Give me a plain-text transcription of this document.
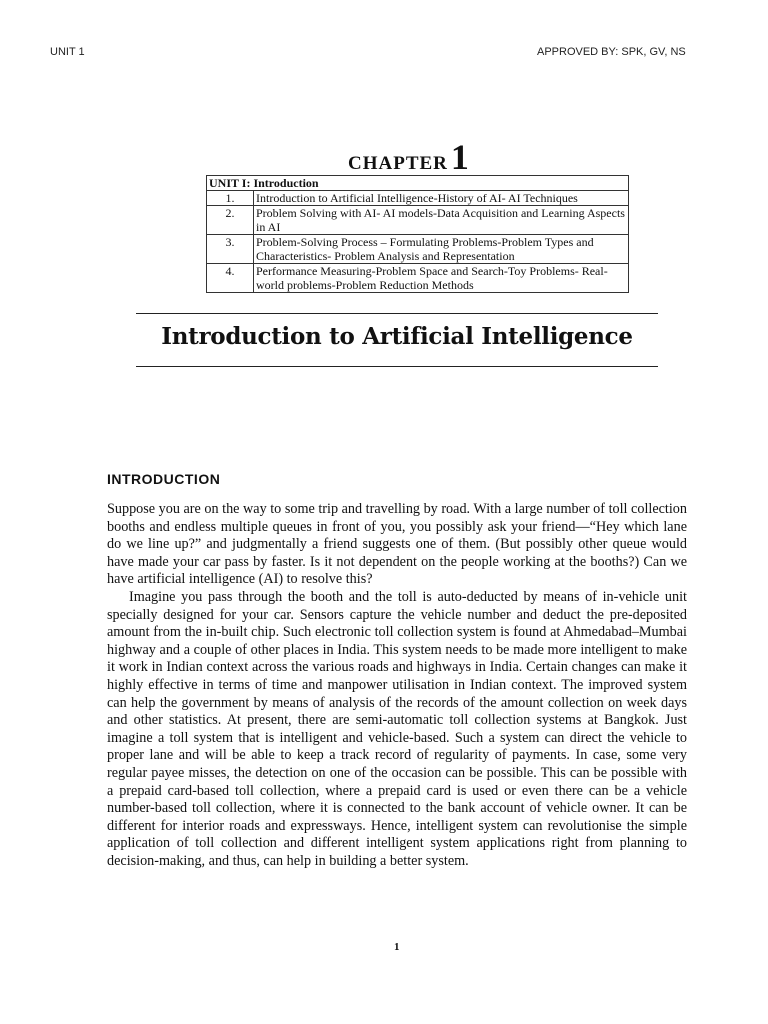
UNIT 1	APPROVED BY: SPK, GV, NS
CHAPTER1
UNIT I: Introduction	
1.	Introduction to Artificial Intelligence-History of AI- AI Techniques
2.	Problem Solving with AI- AI models-Data Acquisition and Learning Aspects in AI
3.	Problem-Solving Process – Formulating Problems-Problem Types and Characteristics- Problem Analysis and Representation
4.	Performance Measuring-Problem Space and Search-Toy Problems- Real-world problems-Problem Reduction Methods
Introduction to Artificial Intelligence
INTRODUCTION

Suppose you are on the way to some trip and travelling by road. With a large number of toll collection booths and endless multiple queues in front of you, you possibly ask your friend—“Hey which lane do we line up?” and judgmentally a friend suggests one of them. (But possibly other queue would have made your car pass by faster. Is it not dependent on the people working at the booths?) Can we have artificial intelligence (AI) to resolve this?

Imagine you pass through the booth and the toll is auto-deducted by means of in-vehicle unit specially designed for your car. Sensors capture the vehicle number and deduct the pre-deposited amount from the in-built chip. Such electronic toll collection system is found at Ahmedabad–Mumbai highway and a couple of other places in India. This system needs to be made more intelligent to make it work in Indian context across the various roads and highways in India. Certain changes can make it highly effective in terms of time and manpower utilisation in Indian context. The improved system can help the government by means of analysis of the records of the amount collection on week days and other statistics. At present, there are semi-automatic toll collection systems at Bangkok. Just imagine a toll system that is intelligent and vehicle-based. Such a system can direct the vehicle to proper lane and will be able to keep a track record of regularity of payments. In case, some very regular payee misses, the detection on one of the occasion can be possible. This can be possible with a prepaid card-based toll collection, where a prepaid card is used or even there can be a vehicle number-based toll collection, where it is connected to the bank account of vehicle owner. It can be different for interior roads and expressways. Hence, intelligent system can revolutionise the simple application of toll collection and different intelligent system applications right from planning to decision-making, and thus, can help in building a better system.

1
